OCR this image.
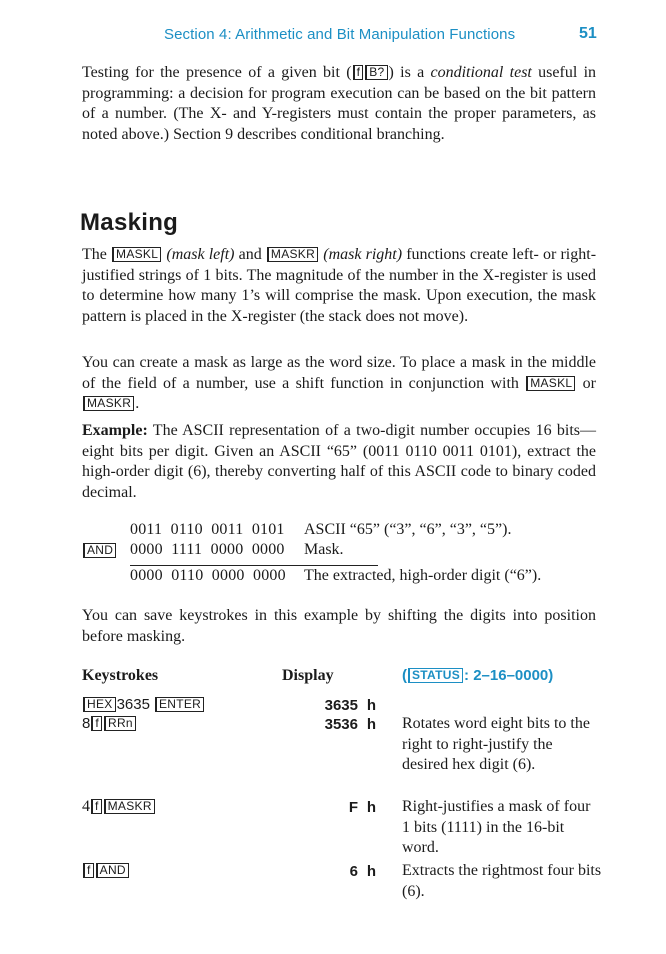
Section 4: Arithmetic and Bit Manipulation Functions	51

Testing for the presence of a given bit ( f B? ) is a conditional test useful in programming: a decision for program execution can be based on the bit pattern of a number. (The X- and Y-registers must contain the proper parameters, as noted above.) Section 9 describes conditional branching.

Masking

The MASKL (mask left) and MASKR (mask right) functions create left- or right-justified strings of 1 bits. The magnitude of the number in the X-register is used to determine how many 1’s will comprise the mask. Upon execution, the mask pattern is placed in the X-register (the stack does not move).

You can create a mask as large as the word size. To place a mask in the middle of the field of a number, use a shift function in conjunction with MASKL or MASKR .

Example: The ASCII representation of a two-digit number occupies 16 bits—eight bits per digit. Given an ASCII “65” (0011 0110 0011 0101), extract the high-order digit (6), thereby converting half of this ASCII code to binary coded decimal.

0011  0110  0011  0101 ASCII “65” (“3”, “6”, “3”, “5”).
AND 0000  1111  0000  0000 Mask.
0000  0110  0000  0000 The extracted, high-order digit (“6”).

You can save keystrokes in this example by shifting the digits into position before masking.

Keystrokes	Display	( STATUS : 2–16–0000)
HEX 3635 ENTER	3635 h
8 f RRn	3536 h Rotates word eight bits to the right to right-justify the desired hex digit (6).
4 f MASKR	F h Right-justifies a mask of four 1 bits (1111) in the 16-bit word.
f AND	6 h Extracts the rightmost four bits (6).
